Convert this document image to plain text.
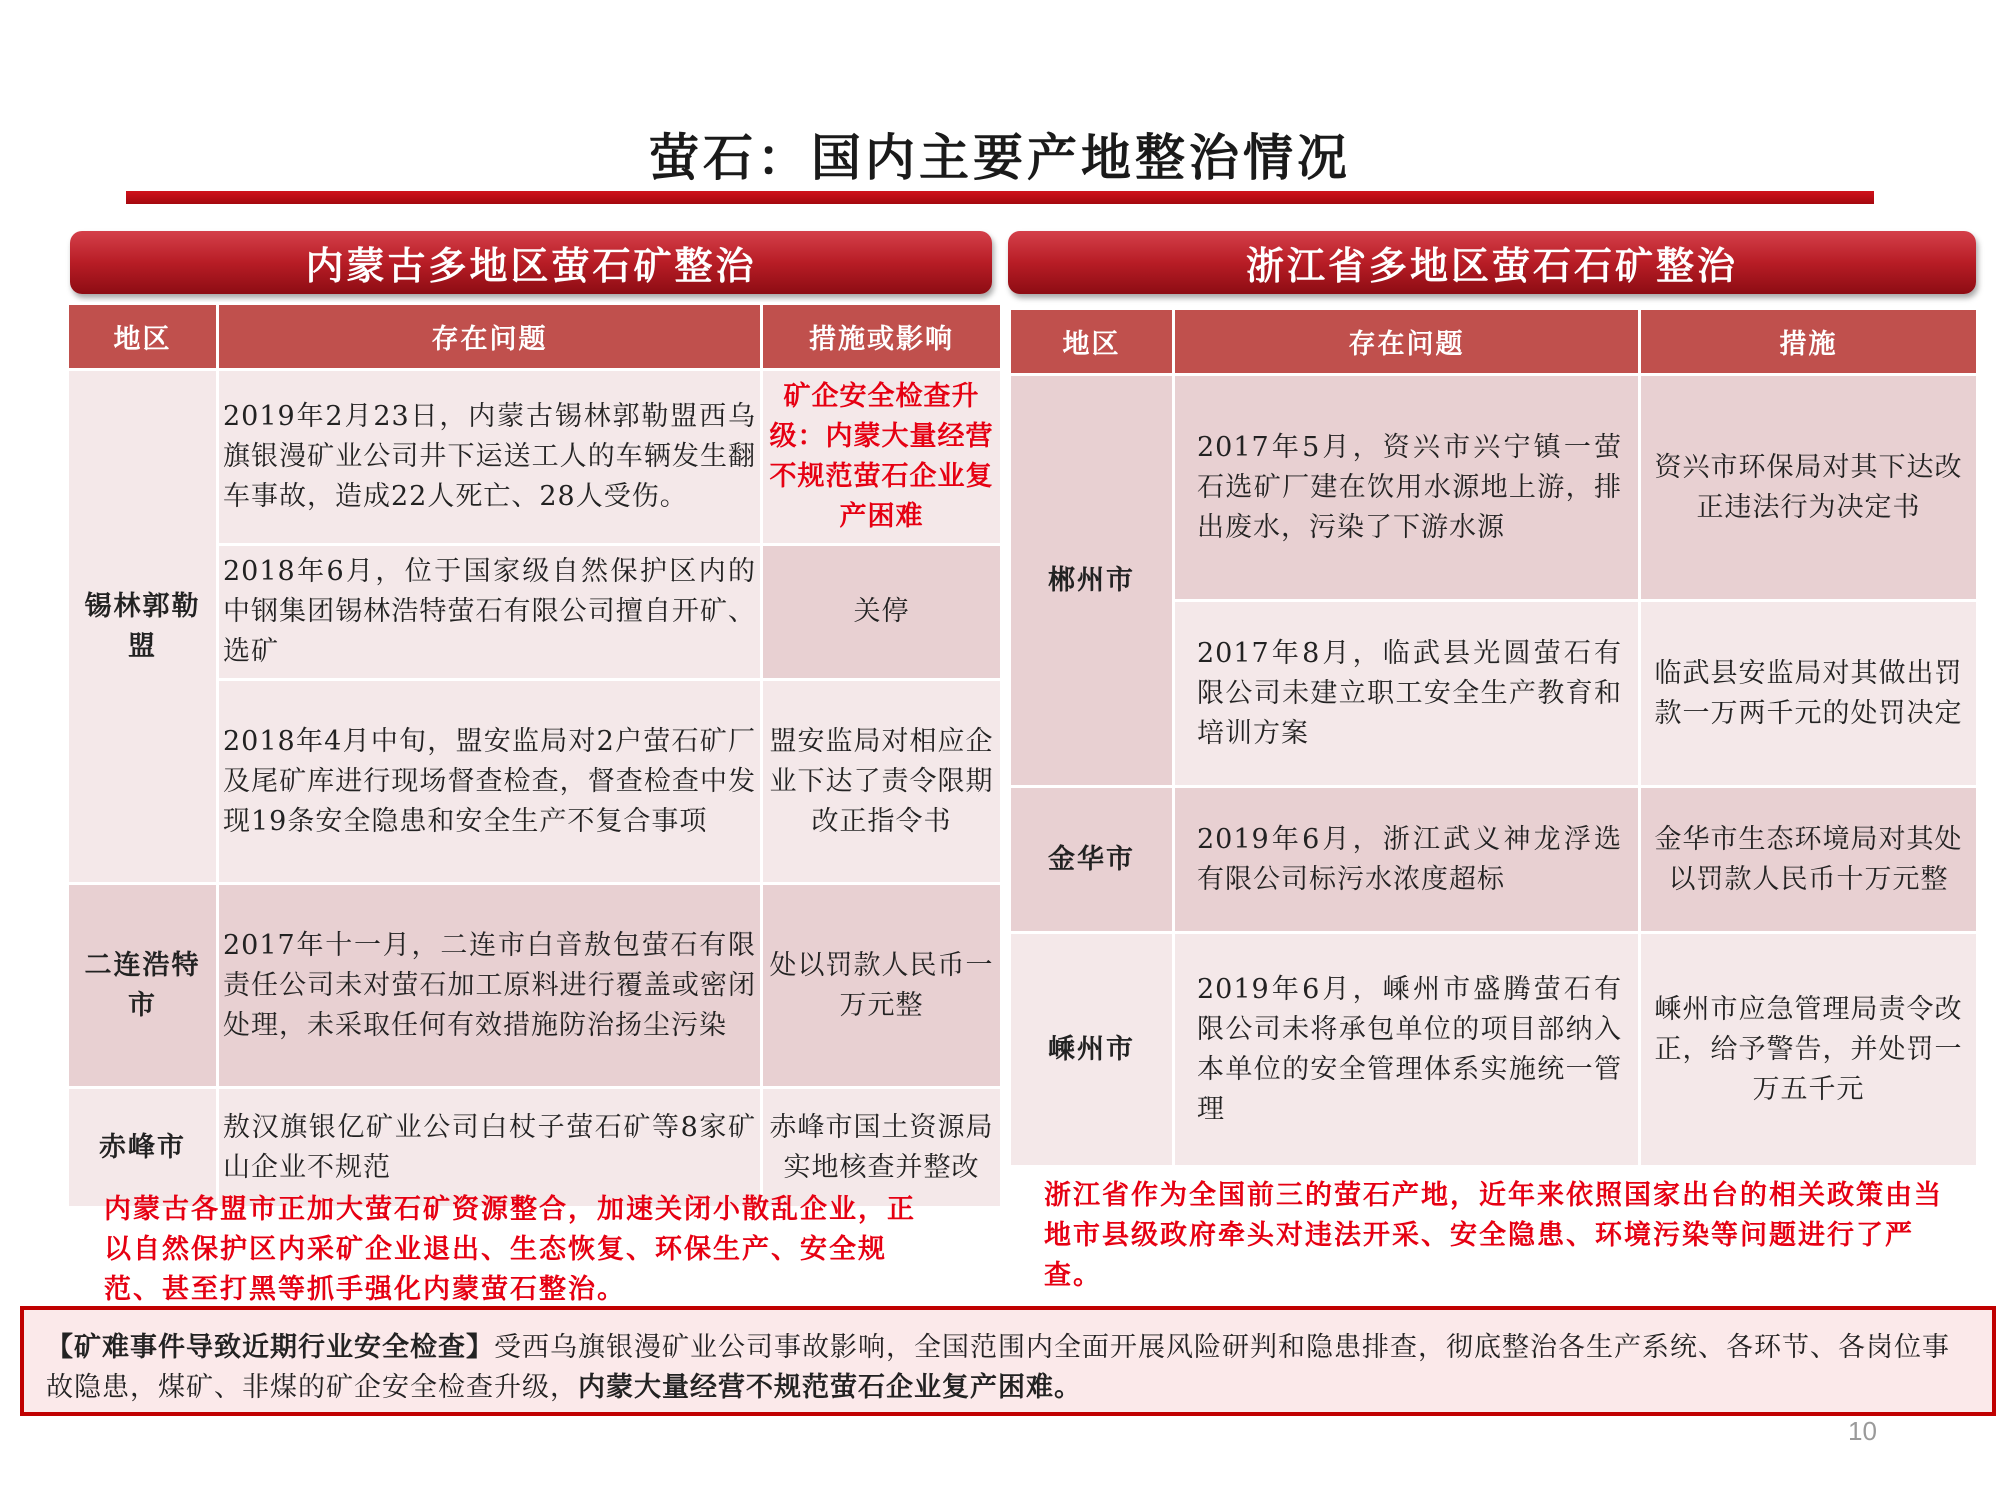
萤石：国内主要产地整治情况
内蒙古多地区萤石矿整治
地区	存在问题	措施或影响
锡林郭勒盟	2019年2月23日，内蒙古锡林郭勒盟西乌旗银漫矿业公司井下运送工人的车辆发生翻车事故，造成22人死亡、28人受伤。	矿企安全检查升级：内蒙大量经营不规范萤石企业复产困难
	2018年6月，位于国家级自然保护区内的中钢集团锡林浩特萤石有限公司擅自开矿、选矿	关停
	2018年4月中旬，盟安监局对2户萤石矿厂及尾矿库进行现场督查检查，督查检查中发现19条安全隐患和安全生产不复合事项	盟安监局对相应企业下达了责令限期改正指令书
二连浩特市	2017年十一月，二连市白音敖包萤石有限责任公司未对萤石加工原料进行覆盖或密闭处理，未采取任何有效措施防治扬尘污染	处以罚款人民币一万元整
赤峰市	敖汉旗银亿矿业公司白杖子萤石矿等8家矿山企业不规范	赤峰市国土资源局实地核查并整改
内蒙古各盟市正加大萤石矿资源整合，加速关闭小散乱企业，正以自然保护区内采矿企业退出、生态恢复、环保生产、安全规范、甚至打黑等抓手强化内蒙萤石整治。
浙江省多地区萤石石矿整治
地区	存在问题	措施
郴州市	2017年5月，资兴市兴宁镇一萤石选矿厂建在饮用水源地上游，排出废水，污染了下游水源	资兴市环保局对其下达改正违法行为决定书
	2017年8月，临武县光圆萤石有限公司未建立职工安全生产教育和培训方案	临武县安监局对其做出罚款一万两千元的处罚决定
金华市	2019年6月，浙江武义神龙浮选有限公司标污水浓度超标	金华市生态环境局对其处以罚款人民币十万元整
嵊州市	2019年6月，嵊州市盛腾萤石有限公司未将承包单位的项目部纳入本单位的安全管理体系实施统一管理	嵊州市应急管理局责令改正，给予警告，并处罚一万五千元
浙江省作为全国前三的萤石产地，近年来依照国家出台的相关政策由当地市县级政府牵头对违法开采、安全隐患、环境污染等问题进行了严查。
【矿难事件导致近期行业安全检查】受西乌旗银漫矿业公司事故影响，全国范围内全面开展风险研判和隐患排查，彻底整治各生产系统、各环节、各岗位事故隐患，煤矿、非煤的矿企安全检查升级，内蒙大量经营不规范萤石企业复产困难。
10
